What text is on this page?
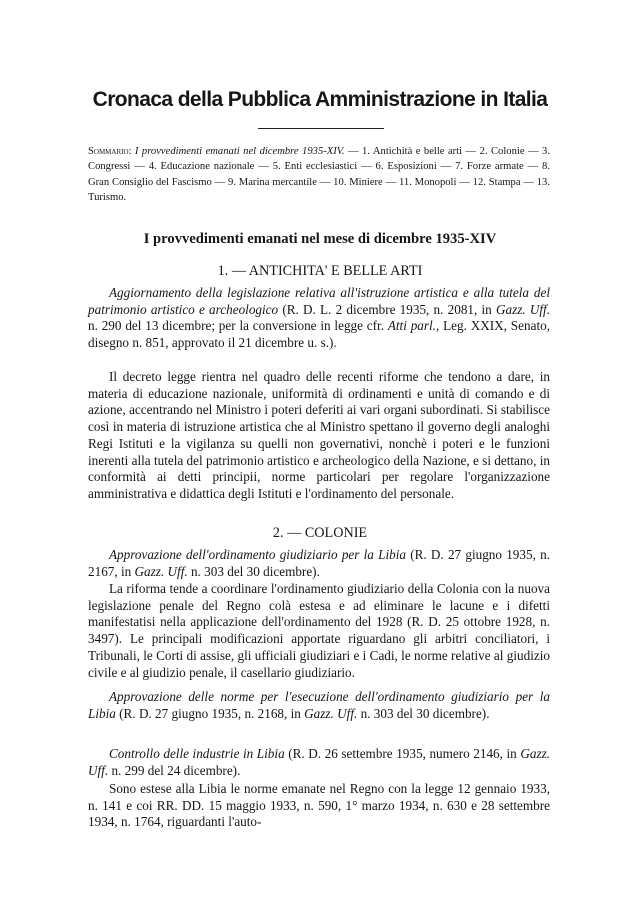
Cronaca della Pubblica Amministrazione in Italia
Sommario: I provvedimenti emanati nel dicembre 1935-XIV. — 1. Antichità e belle arti — 2. Colonie — 3. Congressi — 4. Educazione nazionale — 5. Enti ecclesiastici — 6. Esposizioni — 7. Forze armate — 8. Gran Consiglio del Fascismo — 9. Marina mercantile — 10. Miniere — 11. Monopoli — 12. Stampa — 13. Turismo.
I provvedimenti emanati nel mese di dicembre 1935-XIV
1. — ANTICHITA' E BELLE ARTI
Aggiornamento della legislazione relativa all'istruzione artistica e alla tutela del patrimonio artistico e archeologico (R. D. L. 2 dicembre 1935, n. 2081, in Gazz. Uff. n. 290 del 13 dicembre; per la conversione in legge cfr. Atti parl., Leg. XXIX, Senato, disegno n. 851, approvato il 21 dicembre u. s.).
Il decreto legge rientra nel quadro delle recenti riforme che tendono a dare, in materia di educazione nazionale, uniformità di ordinamenti e unità di comando e di azione, accentrando nel Ministro i poteri deferiti ai vari organi subordinati. Si stabilisce così in materia di istruzione artistica che al Ministro spettano il governo degli analoghi Regi Istituti e la vigilanza su quelli non governativi, nonchè i poteri e le funzioni inerenti alla tutela del patrimonio artistico e archeologico della Nazione, e si dettano, in conformità ai detti principii, norme particolari per regolare l'organizzazione amministrativa e didattica degli Istituti e l'ordinamento del personale.
2. — COLONIE
Approvazione dell'ordinamento giudiziario per la Libia (R. D. 27 giugno 1935, n. 2167, in Gazz. Uff. n. 303 del 30 dicembre).
La riforma tende a coordinare l'ordinamento giudiziario della Colonia con la nuova legislazione penale del Regno colà estesa e ad eliminare le lacune e i difetti manifestatisi nella applicazione dell'ordinamento del 1928 (R. D. 25 ottobre 1928, n. 3497). Le principali modificazioni apportate riguardano gli arbitri conciliatori, i Tribunali, le Corti di assise, gli ufficiali giudiziari e i Cadi, le norme relative al giudizio civile e al giudizio penale, il casellario giudiziario.
Approvazione delle norme per l'esecuzione dell'ordinamento giudiziario per la Libia (R. D. 27 giugno 1935, n. 2168, in Gazz. Uff. n. 303 del 30 dicembre).
Controllo delle industrie in Libia (R. D. 26 settembre 1935, numero 2146, in Gazz. Uff. n. 299 del 24 dicembre).
Sono estese alla Libia le norme emanate nel Regno con la legge 12 gennaio 1933, n. 141 e coi RR. DD. 15 maggio 1933, n. 590, 1° marzo 1934, n. 630 e 28 settembre 1934, n. 1764, riguardanti l'auto-
